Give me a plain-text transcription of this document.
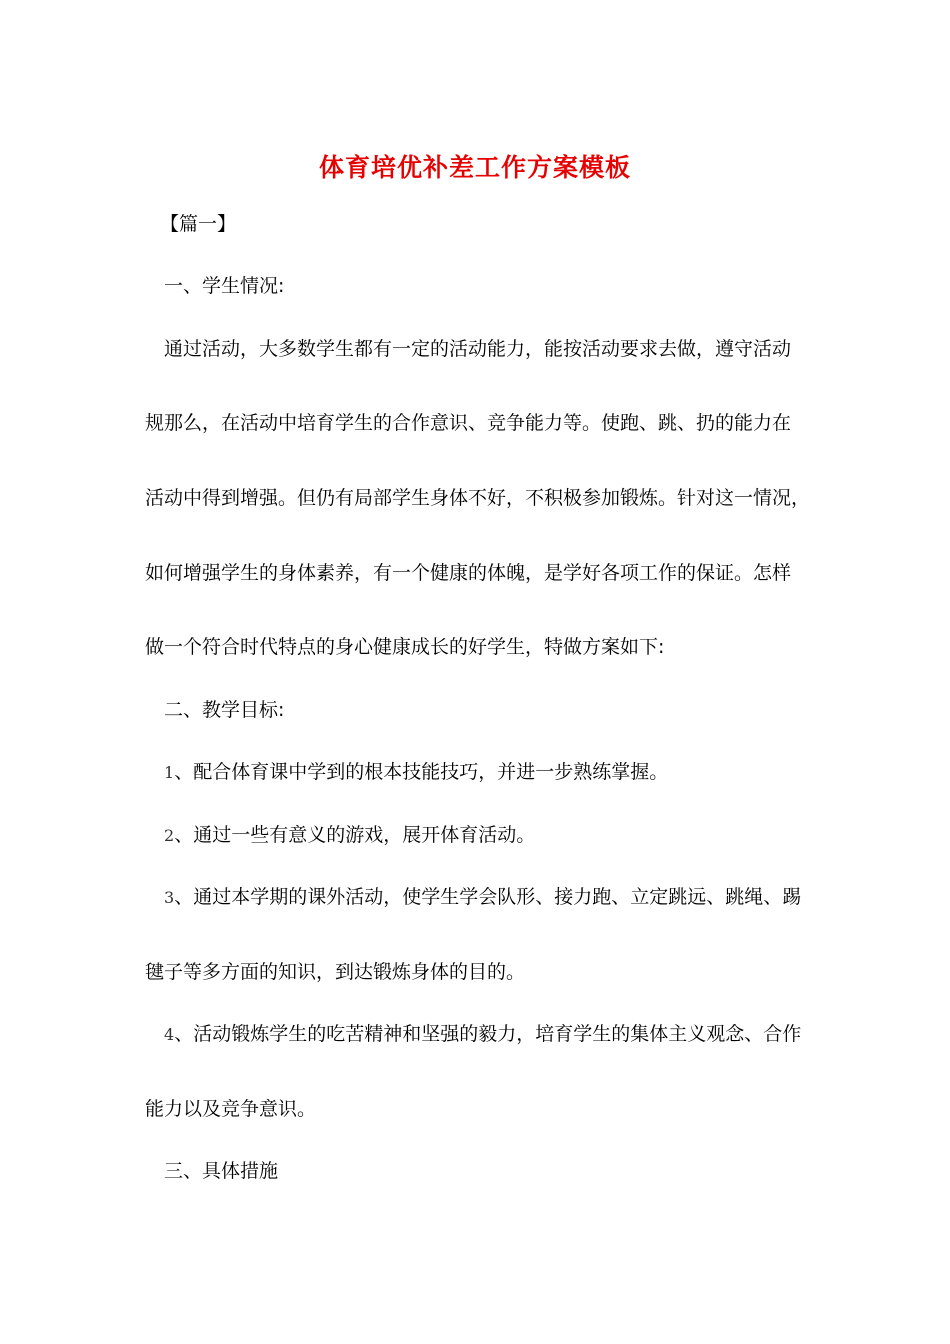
体育培优补差工作方案模板
【篇一】
一、学生情况:
通过活动，大多数学生都有一定的活动能力，能按活动要求去做，遵守活动
规那么，在活动中培育学生的合作意识、竞争能力等。使跑、跳、扔的能力在
活动中得到增强。但仍有局部学生身体不好，不积极参加锻炼。针对这一情况，
如何增强学生的身体素养，有一个健康的体魄，是学好各项工作的保证。怎样
做一个符合时代特点的身心健康成长的好学生，特做方案如下:
二、教学目标:
1、配合体育课中学到的根本技能技巧，并进一步熟练掌握。
2、通过一些有意义的游戏，展开体育活动。
3、通过本学期的课外活动，使学生学会队形、接力跑、立定跳远、跳绳、踢
毽子等多方面的知识，到达锻炼身体的目的。
4、活动锻炼学生的吃苦精神和坚强的毅力，培育学生的集体主义观念、合作
能力以及竞争意识。
三、具体措施
